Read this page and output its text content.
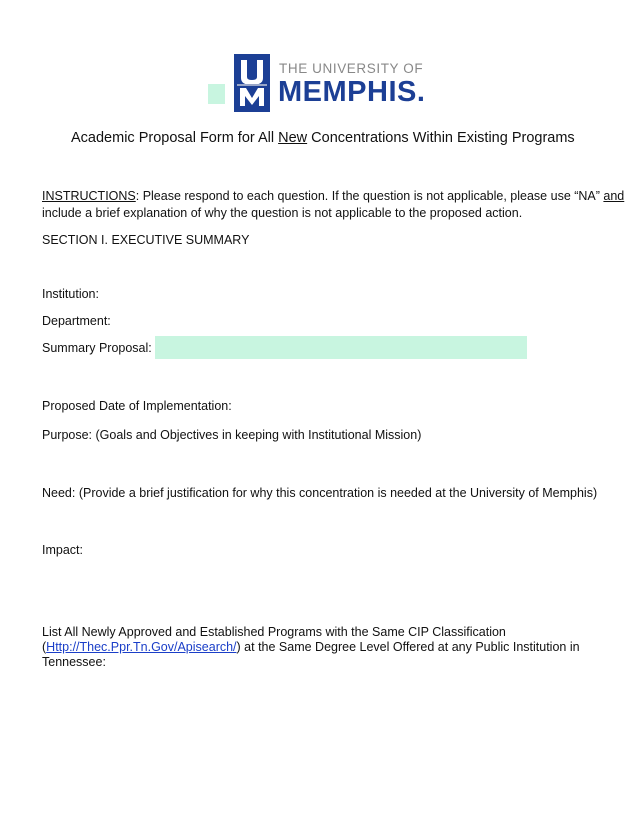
THE UNIVERSITY OF
MEMPHIS.
Academic Proposal Form for All New Concentrations Within Existing Programs
INSTRUCTIONS: Please respond to each question. If the question is not applicable, please use “NA” and
include a brief explanation of why the question is not applicable to the proposed action.
SECTION I. EXECUTIVE SUMMARY
Institution:
Department:
Summary Proposal:
Proposed Date of Implementation:
Purpose: (Goals and Objectives in keeping with Institutional Mission)
Need: (Provide a brief justification for why this concentration is needed at the University of Memphis)
Impact:
List All Newly Approved and Established Programs with the Same CIP Classification
(Http://Thec.Ppr.Tn.Gov/Apisearch/) at the Same Degree Level Offered at any Public Institution in
Tennessee:
